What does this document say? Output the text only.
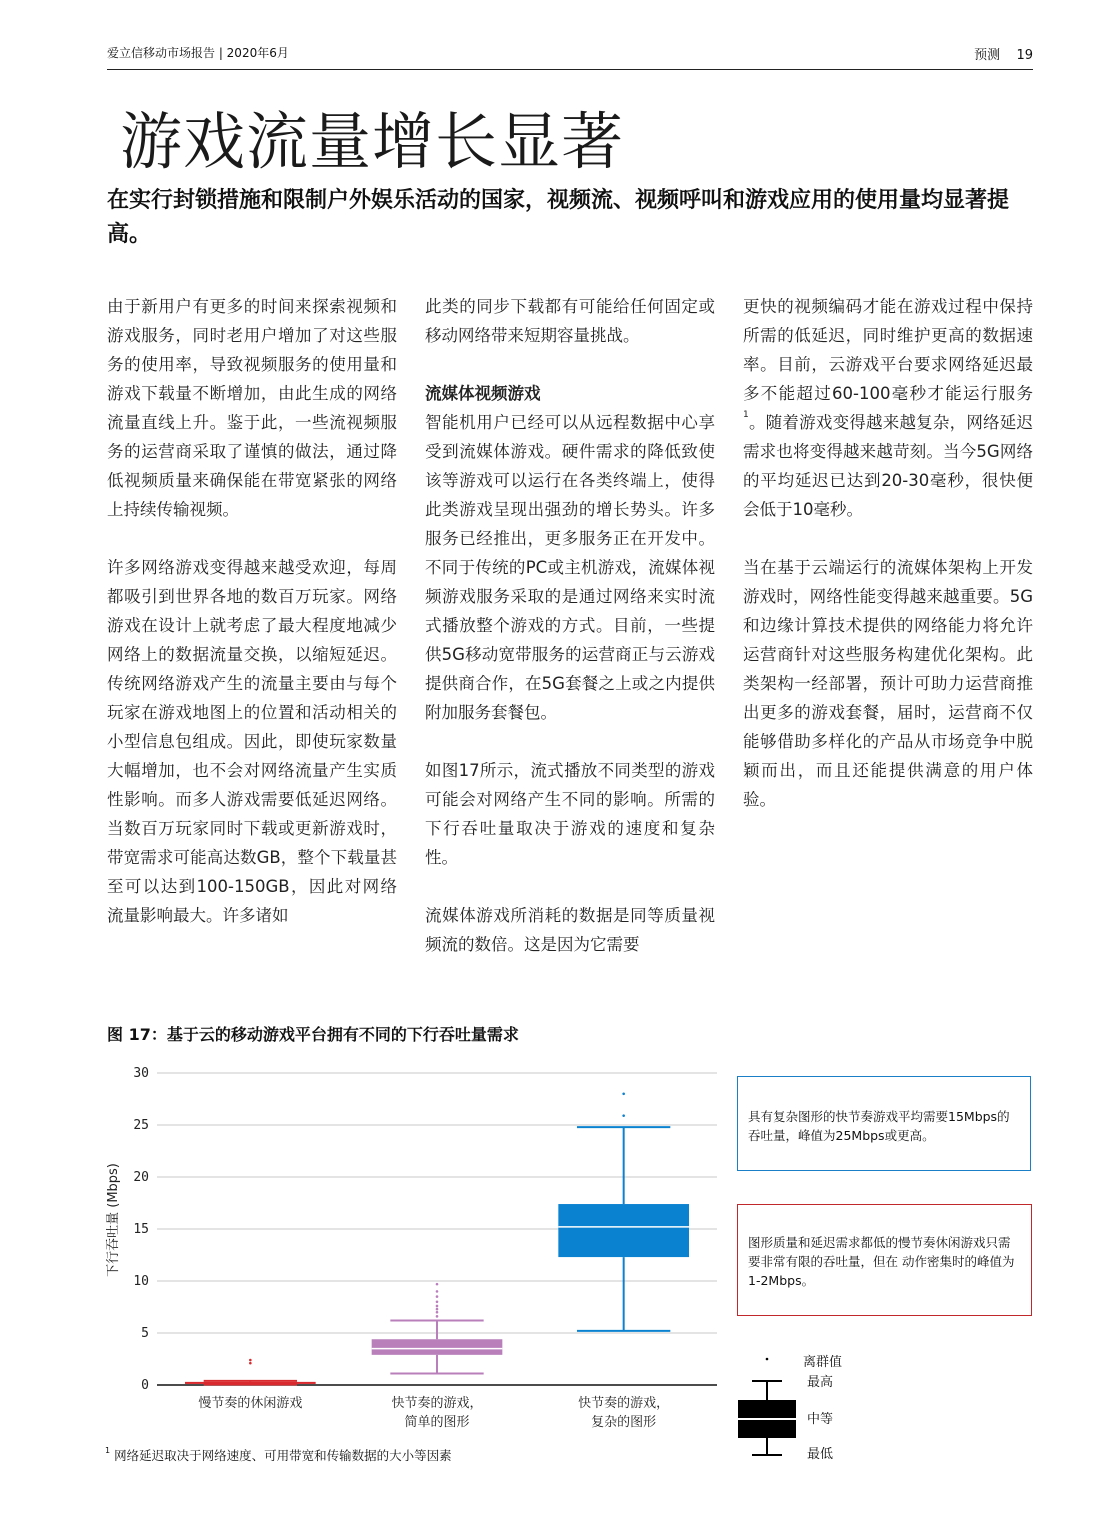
爱立信移动市场报告 | 2020年6月	预测 19
游戏流量增长显著
在实行封锁措施和限制户外娱乐活动的国家，视频流、视频呼叫和游戏应用的使用量均显著提高。

由于新用户有更多的时间来探索视频和游戏服务，同时老用户增加了对这些服务的使用率，导致视频服务的使用量和游戏下载量不断增加，由此生成的网络流量直线上升。鉴于此，一些流视频服务的运营商采取了谨慎的做法，通过降低视频质量来确保能在带宽紧张的网络上持续传输视频。

许多网络游戏变得越来越受欢迎，每周都吸引到世界各地的数百万玩家。网络游戏在设计上就考虑了最大程度地减少网络上的数据流量交换，以缩短延迟。传统网络游戏产生的流量主要由与每个玩家在游戏地图上的位置和活动相关的小型信息包组成。因此，即使玩家数量大幅增加，也不会对网络流量产生实质性影响。而多人游戏需要低延迟网络。当数百万玩家同时下载或更新游戏时，带宽需求可能高达数GB，整个下载量甚至可以达到100-150GB，因此对网络流量影响最大。许多诸如

此类的同步下载都有可能给任何固定或移动网络带来短期容量挑战。

流媒体视频游戏

智能机用户已经可以从远程数据中心享受到流媒体游戏。硬件需求的降低致使该等游戏可以运行在各类终端上，使得此类游戏呈现出强劲的增长势头。许多服务已经推出，更多服务正在开发中。不同于传统的PC或主机游戏，流媒体视频游戏服务采取的是通过网络来实时流式播放整个游戏的方式。目前，一些提供5G移动宽带服务的运营商正与云游戏提供商合作，在5G套餐之上或之内提供附加服务套餐包。

如图17所示，流式播放不同类型的游戏可能会对网络产生不同的影响。所需的下行吞吐量取决于游戏的速度和复杂性。

流媒体游戏所消耗的数据是同等质量视频流的数倍。这是因为它需要

更快的视频编码才能在游戏过程中保持所需的低延迟，同时维护更高的数据速率。目前，云游戏平台要求网络延迟最多不能超过60-100毫秒才能运行服务$^1$。随着游戏变得越来越复杂，网络延迟需求也将变得越来越苛刻。当今5G网络的平均延迟已达到20-30毫秒，很快便会低于10毫秒。

当在基于云端运行的流媒体架构上开发游戏时，网络性能变得越来越重要。5G和边缘计算技术提供的网络能力将允许运营商针对这些服务构建优化架构。此类架构一经部署，预计可助力运营商推出更多的游戏套餐，届时，运营商不仅能够借助多样化的产品从市场竞争中脱颖而出，而且还能提供满意的用户体验。

图 17：基于云的移动游戏平台拥有不同的下行吞吐量需求
0
5
10
15
20
25
30
慢节奏的休闲游戏	快节奏的游戏，
简单的图形
快节奏的游戏，
复杂的图形
下行吞吐量 (Mbps)
具有复杂图形的快节奏游戏平均需要15Mbps的吞吐量，峰值为25Mbps或更高。
图形质量和延迟需求都低的慢节奏休闲游戏只需要非常有限的吞吐量，但在 动作密集时的峰值为1-2Mbps。
离群值
最高
中等
最低
$^1$ 网络延迟取决于网络速度、可用带宽和传输数据的大小等因素
